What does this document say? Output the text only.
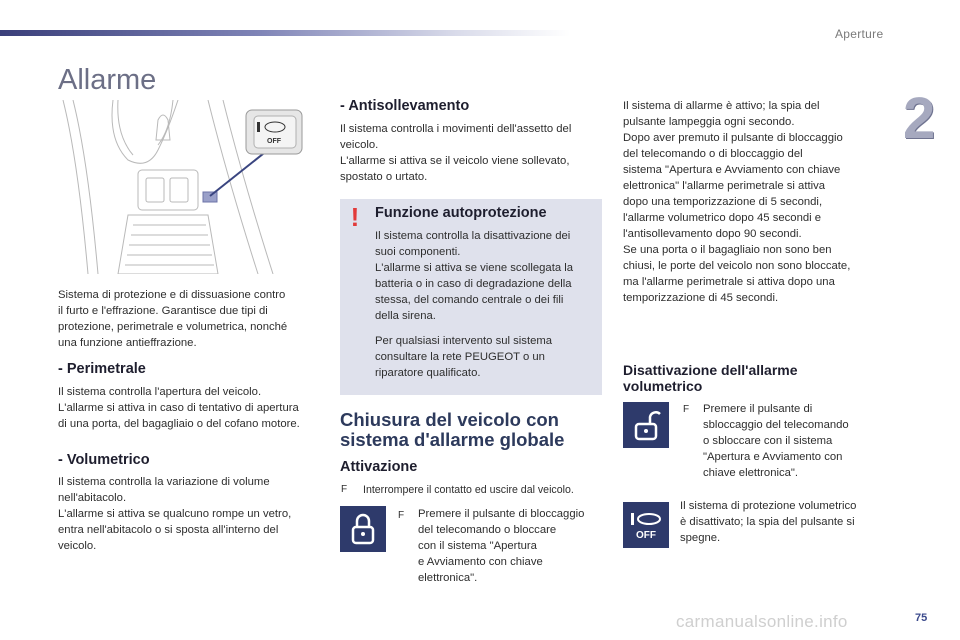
Aperture
2
Allarme
OFF

Sistema di protezione e di dissuasione contro

il furto e l'effrazione. Garantisce due tipi di

protezione, perimetrale e volumetrica, nonché

una funzione antieffrazione.

- Perimetrale

Il sistema controlla l'apertura del veicolo.

L'allarme si attiva in caso di tentativo di apertura

di una porta, del bagagliaio o del cofano motore.

- Volumetrico

Il sistema controlla la variazione di volume

nell'abitacolo.

L'allarme si attiva se qualcuno rompe un vetro,

entra nell'abitacolo o si sposta all'interno del

veicolo.

- Antisollevamento

Il sistema controlla i movimenti dell'assetto del

veicolo.

L'allarme si attiva se il veicolo viene sollevato,

spostato o urtato.

!	Funzione autoprotezione

Il sistema controlla la disattivazione dei

suoi componenti.

L'allarme si attiva se viene scollegata la

batteria o in caso di degradazione della

stessa, del comando centrale o dei fili

della sirena.

Per qualsiasi intervento sul sistema

consultare la rete PEUGEOT o un

riparatore qualificato.

Chiusura del veicolo con

sistema d'allarme globale

Attivazione
F Interrompere il contatto ed uscire dal veicolo.
F Premere il pulsante di bloccaggio

del telecomando o bloccare

con il sistema "Apertura

e Avviamento con chiave

elettronica".

Il sistema di allarme è attivo; la spia del

pulsante lampeggia ogni secondo.

Dopo aver premuto il pulsante di bloccaggio

del telecomando o di bloccaggio del

sistema "Apertura e Avviamento con chiave

elettronica" l'allarme perimetrale si attiva

dopo una temporizzazione di 5 secondi,

l'allarme volumetrico dopo 45 secondi e

l'antisollevamento dopo 90 secondi.

Se una porta o il bagagliaio non sono ben

chiusi, le porte del veicolo non sono bloccate,

ma l'allarme perimetrale si attiva dopo una

temporizzazione di 45 secondi.

Disattivazione dell'allarme

volumetrico

F Premere il pulsante di

sbloccaggio del telecomando

o sbloccare con il sistema

"Apertura e Avviamento con

chiave elettronica".

OFF

Il sistema di protezione volumetrico

è disattivato; la spia del pulsante si

spegne.

carmanualsonline.info	75
